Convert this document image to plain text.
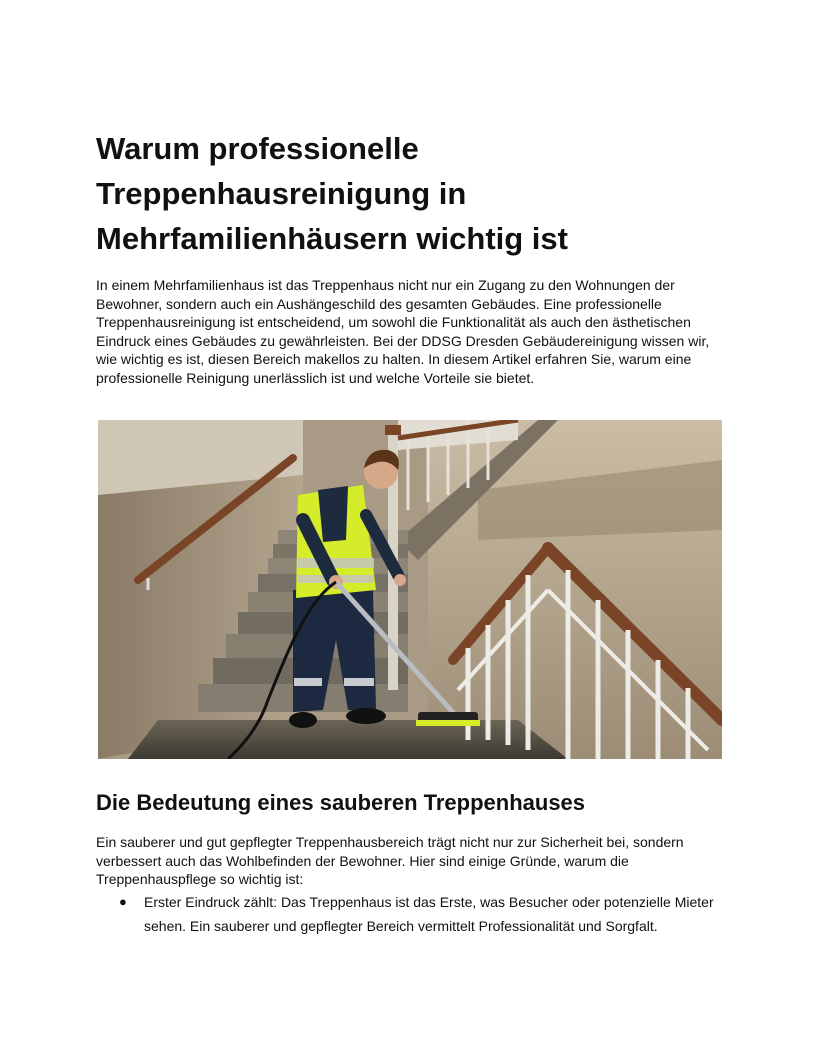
Warum professionelle Treppenhausreinigung in Mehrfamilienhäusern wichtig ist

In einem Mehrfamilienhaus ist das Treppenhaus nicht nur ein Zugang zu den Wohnungen der Bewohner, sondern auch ein Aushängeschild des gesamten Gebäudes. Eine professionelle Treppenhausreinigung ist entscheidend, um sowohl die Funktionalität als auch den ästhetischen Eindruck eines Gebäudes zu gewährleisten. Bei der DDSG Dresden Gebäudereinigung wissen wir, wie wichtig es ist, diesen Bereich makellos zu halten. In diesem Artikel erfahren Sie, warum eine professionelle Reinigung unerlässlich ist und welche Vorteile sie bietet.

Die Bedeutung eines sauberen Treppenhauses

Ein sauberer und gut gepflegter Treppenhausbereich trägt nicht nur zur Sicherheit bei, sondern verbessert auch das Wohlbefinden der Bewohner. Hier sind einige Gründe, warum die Treppenhauspflege so wichtig ist:

● Erster Eindruck zählt: Das Treppenhaus ist das Erste, was Besucher oder potenzielle Mieter sehen. Ein sauberer und gepflegter Bereich vermittelt Professionalität und Sorgfalt.
